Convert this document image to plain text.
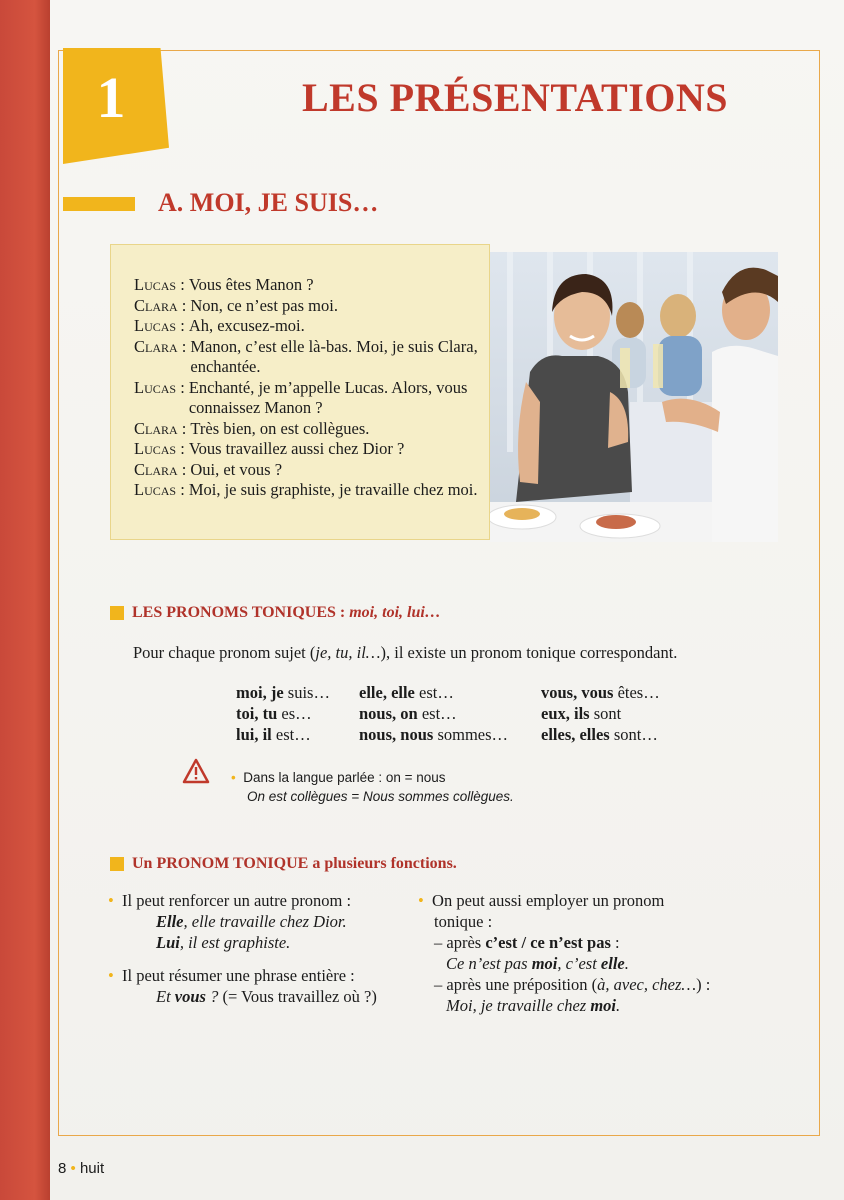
1	LES PRÉSENTATIONS
A. MOI, JE SUIS…
Lucas : Vous êtes Manon ?
Clara : Non, ce n’est pas moi.
Lucas : Ah, excusez-moi.
Clara : Manon, c’est elle là-bas. Moi, je suis Clara, enchantée.
Lucas : Enchanté, je m’appelle Lucas. Alors, vous connaissez Manon ?
Clara : Très bien, on est collègues.
Lucas : Vous travaillez aussi chez Dior ?
Clara : Oui, et vous ?
Lucas : Moi, je suis graphiste, je travaille chez moi.
LES PRONOMS TONIQUES : moi, toi, lui…
Pour chaque pronom sujet (je, tu, il…), il existe un pronom tonique correspondant.
moi, je suis…
toi, tu es…
lui, il est…
elle, elle est…
nous, on est…
nous, nous sommes…
vous, vous êtes…
eux, ils sont
elles, elles sont…
• Dans la langue parlée : on = nous
On est collègues = Nous sommes collègues.
Un PRONOM TONIQUE a plusieurs fonctions.
• Il peut renforcer un autre pronom :
Elle, elle travaille chez Dior.
Lui, il est graphiste.
• Il peut résumer une phrase entière :
Et vous ? (= Vous travaillez où ?)
• On peut aussi employer un pronom
tonique :
– après c’est / ce n’est pas :
Ce n’est pas moi, c’est elle.
– après une préposition (à, avec, chez…) :
Moi, je travaille chez moi.
8 • huit
